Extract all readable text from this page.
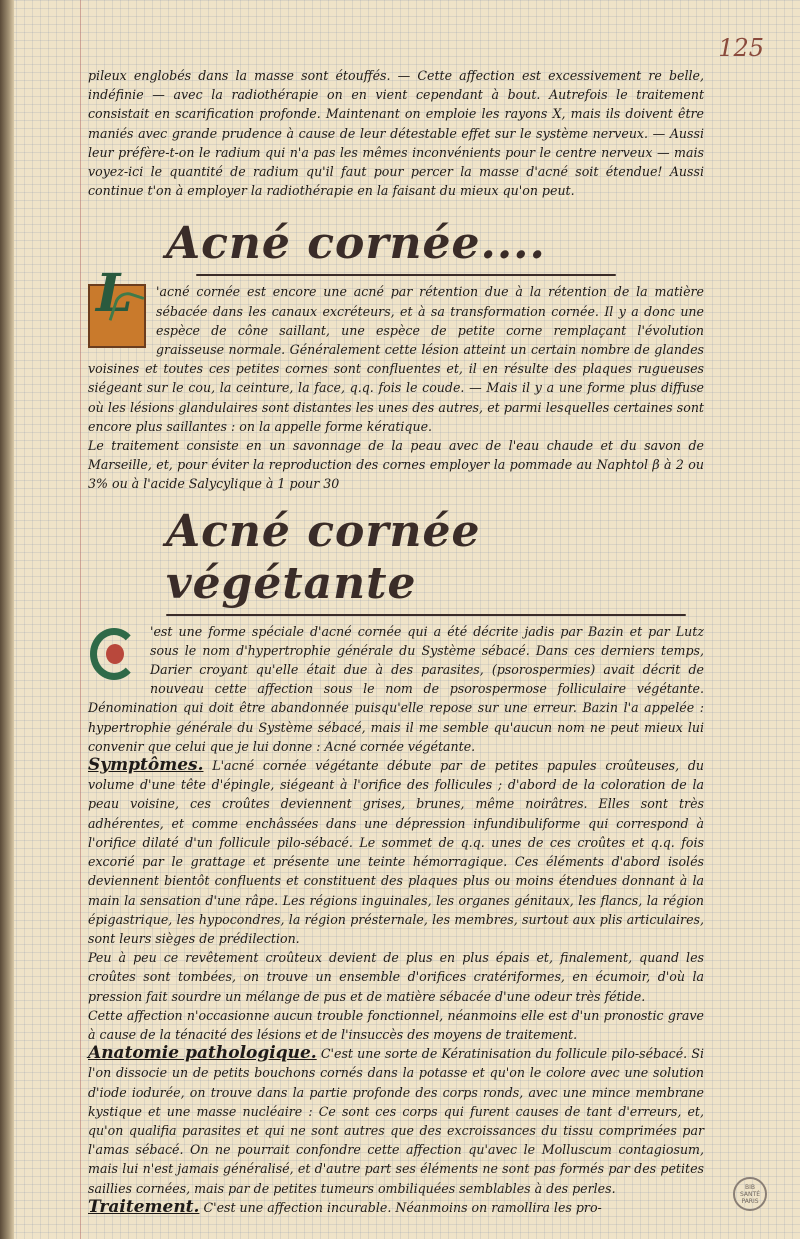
125

pileux englobés dans la masse sont étouffés. — Cette affection est excessivement re belle, indéfinie — avec la radiothérapie on en vient cependant à bout. Autrefois le traitement consistait en scarification profonde. Maintenant on emploie les rayons X, mais ils doivent être maniés avec grande prudence à cause de leur détestable effet sur le système nerveux. — Aussi leur préfère-t-on le radium qui n'a pas les mêmes inconvénients pour le centre nerveux — mais voyez-ici le quantité de radium qu'il faut pour percer la masse d'acné soit étendue! Aussi continue t'on à employer la radiothérapie en la faisant du mieux qu'on peut.

Acné cornée....
L	'acné cornée est encore une acné par rétention due à la rétention de la matière sébacée dans les canaux excréteurs, et à sa transformation cornée. Il y a donc une espèce de cône saillant, une espèce de petite corne remplaçant l'évolution graisseuse normale. Généralement cette lésion atteint un certain nombre de glandes voisines et toutes ces petites cornes sont confluentes et, il en résulte des plaques rugueuses siégeant sur le cou, la ceinture, la face, q.q. fois le coude. — Mais il y a une forme plus diffuse où les lésions glandulaires sont distantes les unes des autres, et parmi lesquelles certaines sont encore plus saillantes : on la appelle forme kératique.

Le traitement consiste en un savonnage de la peau avec de l'eau chaude et du savon de Marseille, et, pour éviter la reproduction des cornes employer la pommade au Naphtol β à 2 ou 3% ou à l'acide Salycylique à 1 pour 30

Acné cornée végétante

'est une forme spéciale d'acné cornée qui a été décrite jadis par Bazin et par Lutz sous le nom d'hypertrophie générale du Système sébacé. Dans ces derniers temps, Darier croyant qu'elle était due à des parasites, (psorospermies) avait décrit de nouveau cette affection sous le nom de psorospermose folliculaire végétante. Dénomination qui doit être abandonnée puisqu'elle repose sur une erreur. Bazin l'a appelée : hypertrophie générale du Système sébacé, mais il me semble qu'aucun nom ne peut mieux lui convenir que celui que je lui donne : Acné cornée végétante.

Symptômes. L'acné cornée végétante débute par de petites papules croûteuses, du volume d'une tête d'épingle, siégeant à l'orifice des follicules ; d'abord de la coloration de la peau voisine, ces croûtes deviennent grises, brunes, même noirâtres. Elles sont très adhérentes, et comme enchâssées dans une dépression infundibuliforme qui correspond à l'orifice dilaté d'un follicule pilo-sébacé. Le sommet de q.q. unes de ces croûtes et q.q. fois excorié par le grattage et présente une teinte hémorragique. Ces éléments d'abord isolés deviennent bientôt confluents et constituent des plaques plus ou moins étendues donnant à la main la sensation d'une râpe. Les régions inguinales, les organes génitaux, les flancs, la région épigastrique, les hypocondres, la région présternale, les membres, surtout aux plis articulaires, sont leurs sièges de prédilection.

Peu à peu ce revêtement croûteux devient de plus en plus épais et, finalement, quand les croûtes sont tombées, on trouve un ensemble d'orifices cratériformes, en écumoir, d'où la pression fait sourdre un mélange de pus et de matière sébacée d'une odeur très fétide.

Cette affection n'occasionne aucun trouble fonctionnel, néanmoins elle est d'un pronostic grave à cause de la ténacité des lésions et de l'insuccès des moyens de traitement.

Anatomie pathologique. C'est une sorte de Kératinisation du follicule pilo-sébacé. Si l'on dissocie un de petits bouchons cornés dans la potasse et qu'on le colore avec une solution d'iode iodurée, on trouve dans la partie profonde des corps ronds, avec une mince membrane kystique et une masse nucléaire : Ce sont ces corps qui furent causes de tant d'erreurs, et, qu'on qualifia parasites et qui ne sont autres que des excroissances du tissu comprimées par l'amas sébacé. On ne pourrait confondre cette affection qu'avec le Molluscum contagiosum, mais lui n'est jamais généralisé, et d'autre part ses éléments ne sont pas formés par des petites saillies cornées, mais par de petites tumeurs ombiliquées semblables à des perles.

Traitement. C'est une affection incurable. Néanmoins on ramollira les pro-

BIB
SANTÉ
PARIS
